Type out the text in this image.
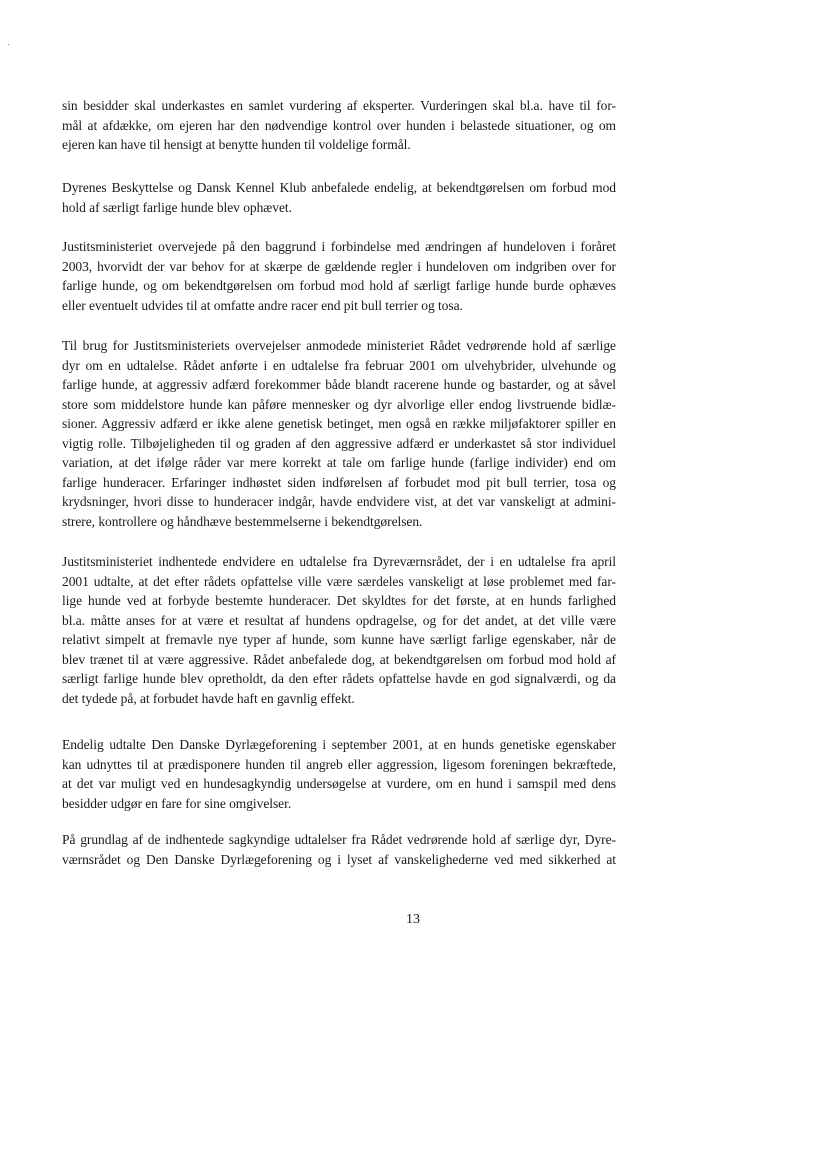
sin besidder skal underkastes en samlet vurdering af eksperter. Vurderingen skal bl.a. have til for-
mål at afdække, om ejeren har den nødvendige kontrol over hunden i belastede situationer, og om
ejeren kan have til hensigt at benytte hunden til voldelige formål.

Dyrenes Beskyttelse og Dansk Kennel Klub anbefalede endelig, at bekendtgørelsen om forbud mod
hold af særligt farlige hunde blev ophævet.

Justitsministeriet overvejede på den baggrund i forbindelse med ændringen af hundeloven i foråret
2003, hvorvidt der var behov for at skærpe de gældende regler i hundeloven om indgriben over for
farlige hunde, og om bekendtgørelsen om forbud mod hold af særligt farlige hunde burde ophæves
eller eventuelt udvides til at omfatte andre racer end pit bull terrier og tosa.

Til brug for Justitsministeriets overvejelser anmodede ministeriet Rådet vedrørende hold af særlige
dyr om en udtalelse. Rådet anførte i en udtalelse fra februar 2001 om ulvehybrider, ulvehunde og
farlige hunde, at aggressiv adfærd forekommer både blandt racerene hunde og bastarder, og at såvel
store som middelstore hunde kan påføre mennesker og dyr alvorlige eller endog livstruende bidlæ-
sioner. Aggressiv adfærd er ikke alene genetisk betinget, men også en række miljøfaktorer spiller en
vigtig rolle. Tilbøjeligheden til og graden af den aggressive adfærd er underkastet så stor individuel
variation, at det ifølge råder var mere korrekt at tale om farlige hunde (farlige individer) end om
farlige hunderacer. Erfaringer indhøstet siden indførelsen af forbudet mod pit bull terrier, tosa og
krydsninger, hvori disse to hunderacer indgår, havde endvidere vist, at det var vanskeligt at admini-
strere, kontrollere og håndhæve bestemmelserne i bekendtgørelsen.

Justitsministeriet indhentede endvidere en udtalelse fra Dyreværnsrådet, der i en udtalelse fra april
2001 udtalte, at det efter rådets opfattelse ville være særdeles vanskeligt at løse problemet med far-
lige hunde ved at forbyde bestemte hunderacer. Det skyldtes for det første, at en hunds farlighed
bl.a. måtte anses for at være et resultat af hundens opdragelse, og for det andet, at det ville være
relativt simpelt at fremavle nye typer af hunde, som kunne have særligt farlige egenskaber, når de
blev trænet til at være aggressive. Rådet anbefalede dog, at bekendtgørelsen om forbud mod hold af
særligt farlige hunde blev opretholdt, da den efter rådets opfattelse havde en god signalværdi, og da
det tydede på, at forbudet havde haft en gavnlig effekt.

Endelig udtalte Den Danske Dyrlægeforening i september 2001, at en hunds genetiske egenskaber
kan udnyttes til at prædisponere hunden til angreb eller aggression, ligesom foreningen bekræftede,
at det var muligt ved en hundesagkyndig undersøgelse at vurdere, om en hund i samspil med dens
besidder udgør en fare for sine omgivelser.

På grundlag af de indhentede sagkyndige udtalelser fra Rådet vedrørende hold af særlige dyr, Dyre-
værnsrådet og Den Danske Dyrlægeforening og i lyset af vanskelighederne ved med sikkerhed at

13
